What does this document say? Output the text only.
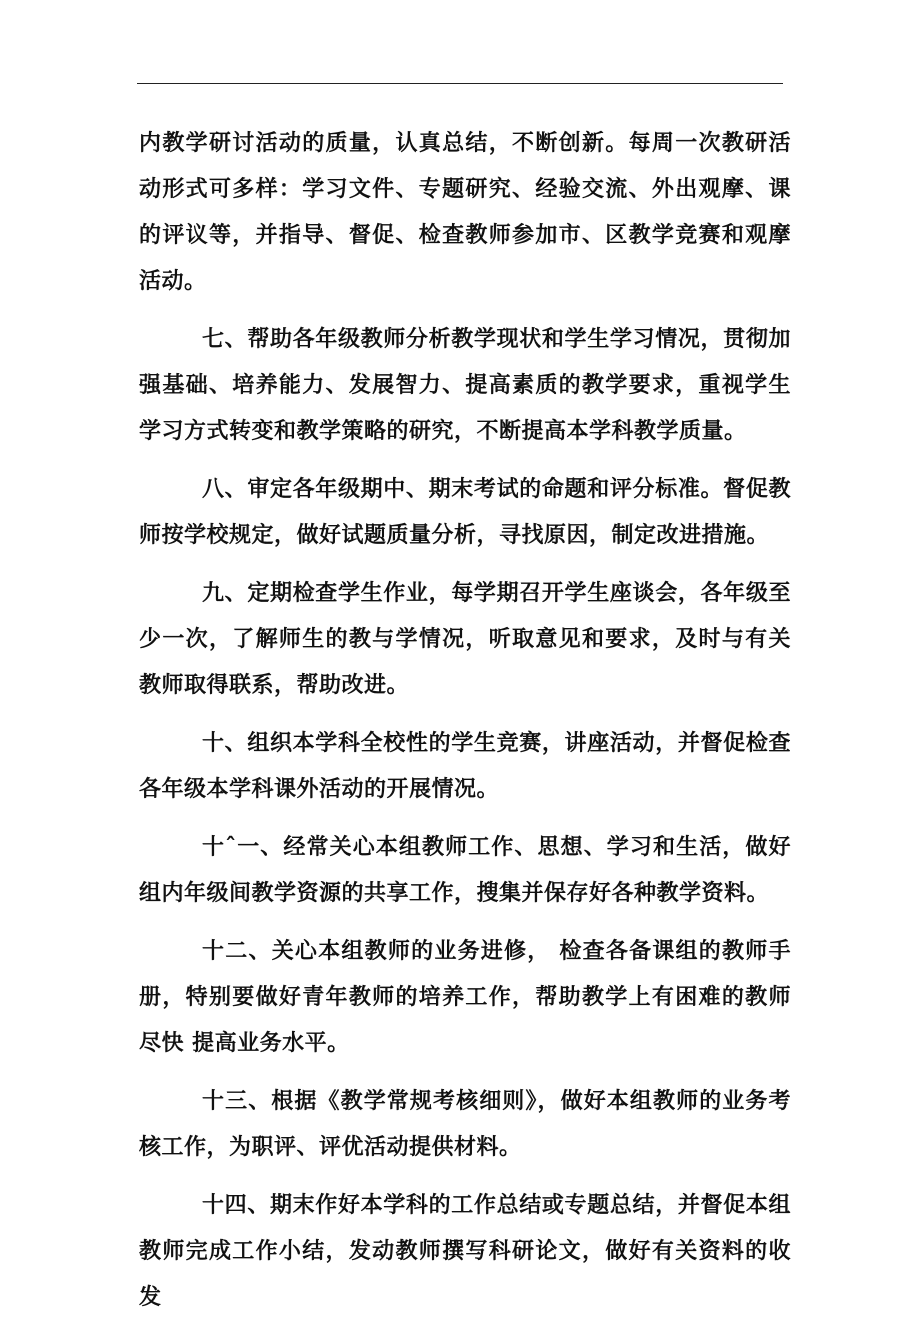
内教学研讨活动的质量，认真总结，不断创新。每周一次教研活 动形式可多样：学习文件、专题研究、经验交流、外出观摩、课 的评议等，并指导、督促、检查教师参加市、区教学竞赛和观摩 活动。

七、帮助各年级教师分析教学现状和学生学习情况，贯彻加强基础、培养能力、发展智力、提高素质的教学要求，重视学生 学习方式转变和教学策略的研究，不断提高本学科教学质量。

八、审定各年级期中、期末考试的命题和评分标准。督促教师按学校规定，做好试题质量分析，寻找原因，制定改进措施。

九、定期检查学生作业，每学期召开学生座谈会，各年级至少一次，了解师生的教与学情况，听取意见和要求，及时与有关 教师取得联系，帮助改进。

十、组织本学科全校性的学生竞赛，讲座活动，并督促检查各年级本学科课外活动的开展情况。

十ˆ一、经常关心本组教师工作、思想、学习和生活，做好组内年级间教学资源的共享工作，搜集并保存好各种教学资料。

十二、关心本组教师的业务进修， 检查各备课组的教师手册，特别要做好青年教师的培养工作，帮助教学上有困难的教师尽快 提高业务水平。

十三、根据《教学常规考核细则》，做好本组教师的业务考核工作，为职评、评优活动提供材料。

十四、期末作好本学科的工作总结或专题总结，并督促本组教师完成工作小结，发动教师撰写科研论文，做好有关资料的收 发
